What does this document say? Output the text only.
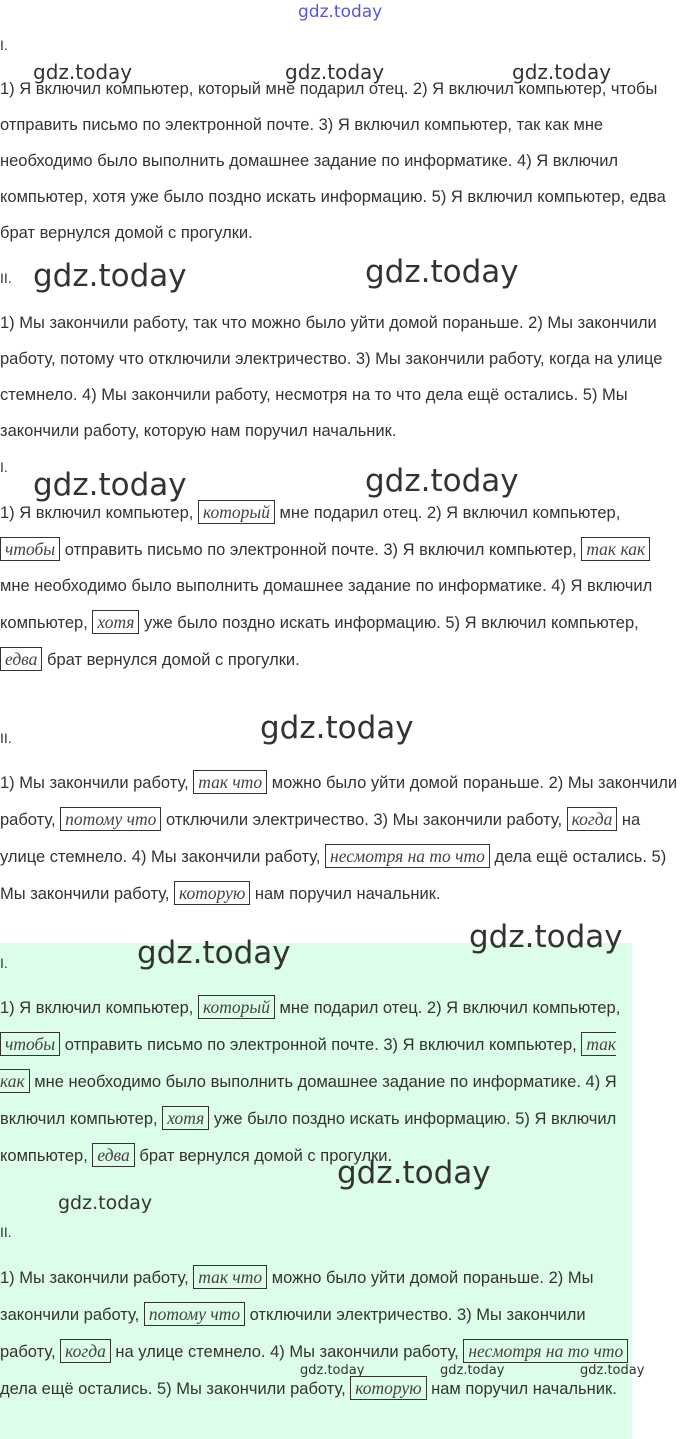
I.
II.
I.
II.
I.
II.

1) Я включил компьютер, который мне подарил отец. 2) Я включил компьютер, чтобы отправить письмо по электронной почте. 3) Я включил компьютер, так как мне необходимо было выполнить домашнее задание по информатике. 4) Я включил компьютер, хотя уже было поздно искать информацию. 5) Я включил компьютер, едва брат вернулся домой с прогулки.

1) Мы закончили работу, так что можно было уйти домой пораньше. 2) Мы закончили работу, потому что отключили электричество. 3) Мы закончили работу, когда на улице стемнело. 4) Мы закончили работу, несмотря на то что дела ещё остались. 5) Мы закончили работу, которую нам поручил начальник.

1) Я включил компьютер, который мне подарил отец. 2) Я включил компьютер, чтобы отправить письмо по электронной почте. 3) Я включил компьютер, так как мне необходимо было выполнить домашнее задание по информатике. 4) Я включил компьютер, хотя уже было поздно искать информацию. 5) Я включил компьютер, едва брат вернулся домой с прогулки.

1) Мы закончили работу, так что можно было уйти домой пораньше. 2) Мы закончили работу, потому что отключили электричество. 3) Мы закончили работу, когда на улице стемнело. 4) Мы закончили работу, несмотря на то что дела ещё остались. 5) Мы закончили работу, которую нам поручил начальник.

1) Я включил компьютер, который мне подарил отец. 2) Я включил компьютер, чтобы отправить письмо по электронной почте. 3) Я включил компьютер, так как мне необходимо было выполнить домашнее задание по информатике. 4) Я включил компьютер, хотя уже было поздно искать информацию. 5) Я включил компьютер, едва брат вернулся домой с прогулки.

1) Мы закончили работу, так что можно было уйти домой пораньше. 2) Мы закончили работу, потому что отключили электричество. 3) Мы закончили работу, когда на улице стемнело. 4) Мы закончили работу, несмотря на то что дела ещё остались. 5) Мы закончили работу, которую нам поручил начальник.

gdz.today
gdz.today	gdz.today	gdz.today
gdz.today	gdz.today
gdz.today	gdz.today
gdz.today
gdz.today	gdz.today
gdz.today
gdz.today
gdz.today	gdz.today	gdz.today
